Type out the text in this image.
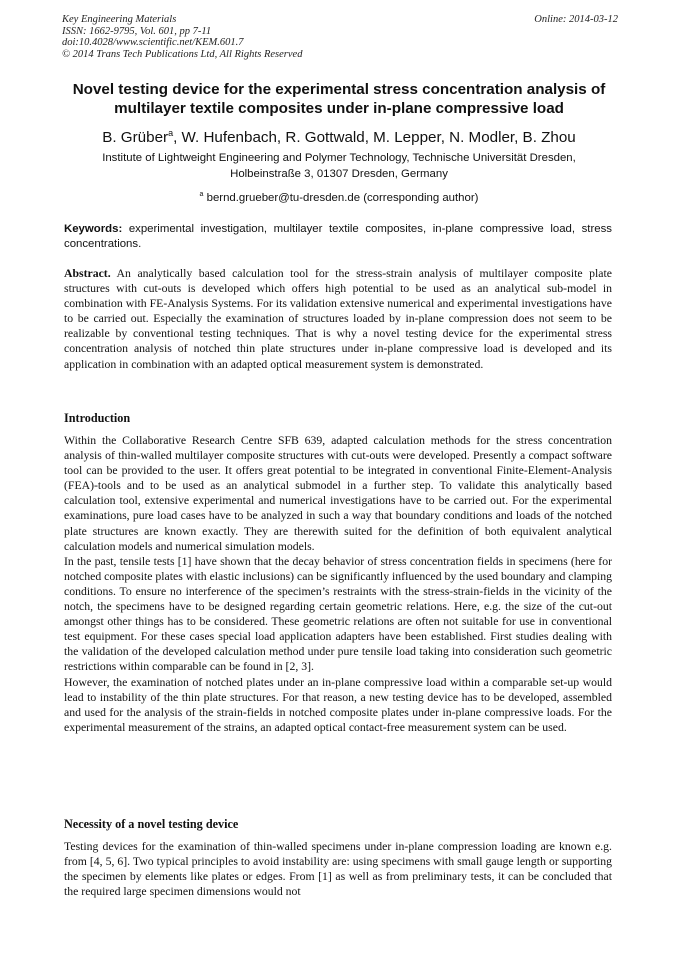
Key Engineering Materials
ISSN: 1662-9795, Vol. 601, pp 7-11
doi:10.4028/www.scientific.net/KEM.601.7
© 2014 Trans Tech Publications Ltd, All Rights Reserved
Online: 2014-03-12
Novel testing device for the experimental stress concentration analysis of multilayer textile composites under in-plane compressive load
B. Grüber$^a$, W. Hufenbach, R. Gottwald, M. Lepper, N. Modler, B. Zhou
Institute of Lightweight Engineering and Polymer Technology, Technische Universität Dresden,
Holbeinstraße 3, 01307 Dresden, Germany
$^a$ bernd.grueber@tu-dresden.de (corresponding author)
Keywords: experimental investigation, multilayer textile composites, in-plane compressive load, stress concentrations.

Abstract. An analytically based calculation tool for the stress-strain analysis of multilayer composite plate structures with cut-outs is developed which offers high potential to be used as an analytical sub-model in combination with FE-Analysis Systems. For its validation extensive numerical and experimental investigations have to be carried out. Especially the examination of structures loaded by in-plane compression does not seem to be realizable by conventional testing techniques. That is why a novel testing device for the experimental stress concentration analysis of notched thin plate structures under in-plane compressive load is developed and its application in combination with an adapted optical measurement system is demonstrated.

Introduction

Within the Collaborative Research Centre SFB 639, adapted calculation methods for the stress concentration analysis of thin-walled multilayer composite structures with cut-outs were developed. Presently a compact software tool can be provided to the user. It offers great potential to be integrated in conventional Finite-Element-Analysis (FEA)-tools and to be used as an analytical submodel in a further step. To validate this analytically based calculation tool, extensive experimental and numerical investigations have to be carried out. For the experimental examinations, pure load cases have to be analyzed in such a way that boundary conditions and loads of the notched plate structures are known exactly. They are therewith suited for the definition of both equivalent analytical calculation models and numerical simulation models.

In the past, tensile tests [1] have shown that the decay behavior of stress concentration fields in specimens (here for notched composite plates with elastic inclusions) can be significantly influenced by the used boundary and clamping conditions. To ensure no interference of the specimen’s restraints with the stress-strain-fields in the vicinity of the notch, the specimens have to be designed regarding certain geometric relations. Here, e.g. the size of the cut-out amongst other things has to be considered. These geometric relations are often not suitable for use in conventional test equipment. For these cases special load application adapters have been established. First studies dealing with the validation of the developed calculation method under pure tensile load taking into consideration such geometric restrictions within comparable can be found in [2, 3].

However, the examination of notched plates under an in-plane compressive load within a comparable set-up would lead to instability of the thin plate structures. For that reason, a new testing device has to be developed, assembled and used for the analysis of the strain-fields in notched composite plates under in-plane compressive loads. For the experimental measurement of the strains, an adapted optical contact-free measurement system can be used.

Necessity of a novel testing device

Testing devices for the examination of thin-walled specimens under in-plane compression loading are known e.g. from [4, 5, 6]. Two typical principles to avoid instability are: using specimens with small gauge length or supporting the specimen by elements like plates or edges. From [1] as well as from preliminary tests, it can be concluded that the required large specimen dimensions would not
